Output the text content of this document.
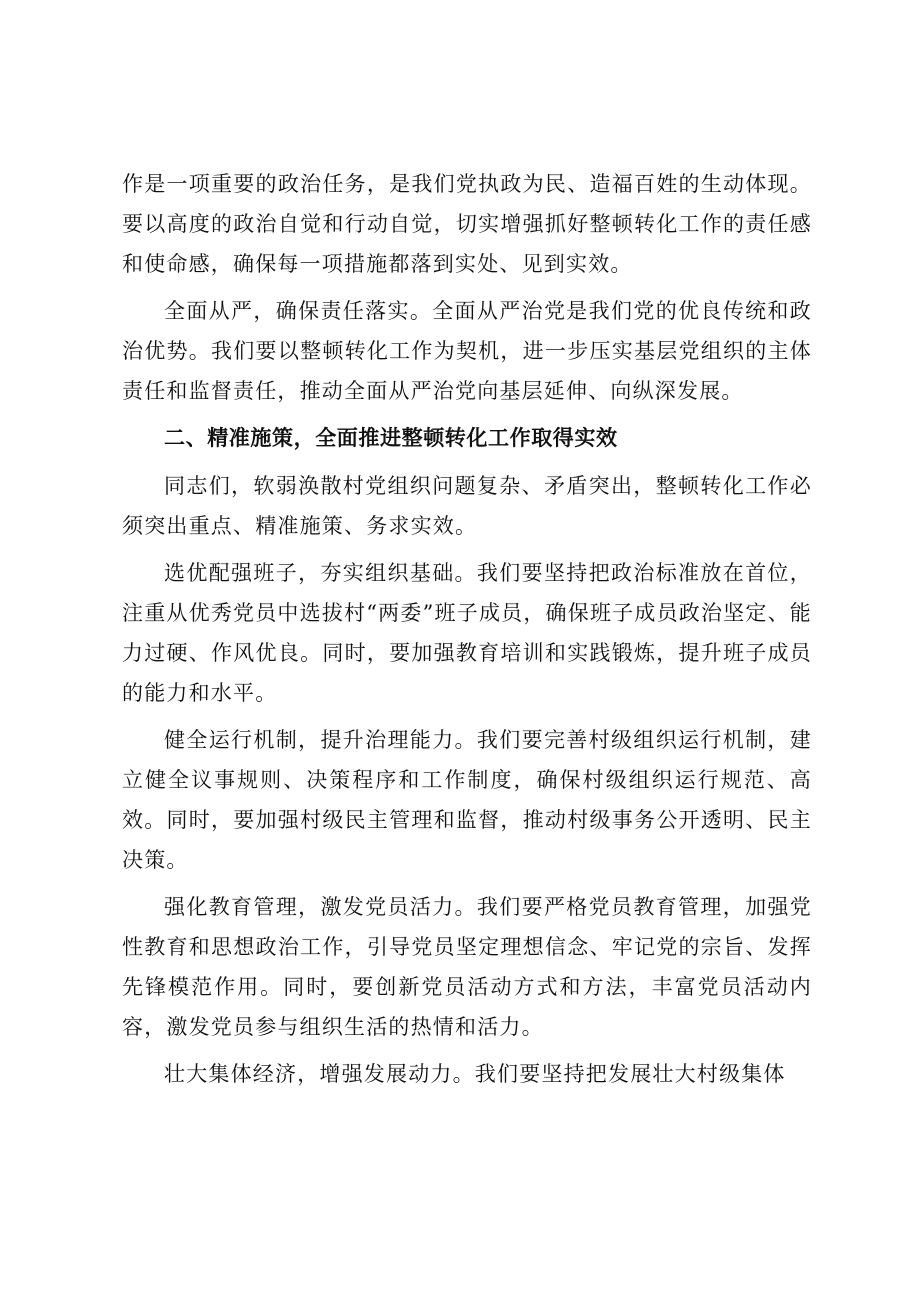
作是一项重要的政治任务，是我们党执政为民、造福百姓的生动体现。要以高度的政治自觉和行动自觉，切实增强抓好整顿转化工作的责任感和使命感，确保每一项措施都落到实处、见到实效。

全面从严，确保责任落实。全面从严治党是我们党的优良传统和政治优势。我们要以整顿转化工作为契机，进一步压实基层党组织的主体责任和监督责任，推动全面从严治党向基层延伸、向纵深发展。

二、精准施策，全面推进整顿转化工作取得实效

同志们，软弱涣散村党组织问题复杂、矛盾突出，整顿转化工作必须突出重点、精准施策、务求实效。

选优配强班子，夯实组织基础。我们要坚持把政治标准放在首位，注重从优秀党员中选拔村“两委”班子成员，确保班子成员政治坚定、能力过硬、作风优良。同时，要加强教育培训和实践锻炼，提升班子成员的能力和水平。

健全运行机制，提升治理能力。我们要完善村级组织运行机制，建立健全议事规则、决策程序和工作制度，确保村级组织运行规范、高效。同时，要加强村级民主管理和监督，推动村级事务公开透明、民主决策。

强化教育管理，激发党员活力。我们要严格党员教育管理，加强党性教育和思想政治工作，引导党员坚定理想信念、牢记党的宗旨、发挥先锋模范作用。同时，要创新党员活动方式和方法，丰富党员活动内容，激发党员参与组织生活的热情和活力。

壮大集体经济，增强发展动力。我们要坚持把发展壮大村级集体
